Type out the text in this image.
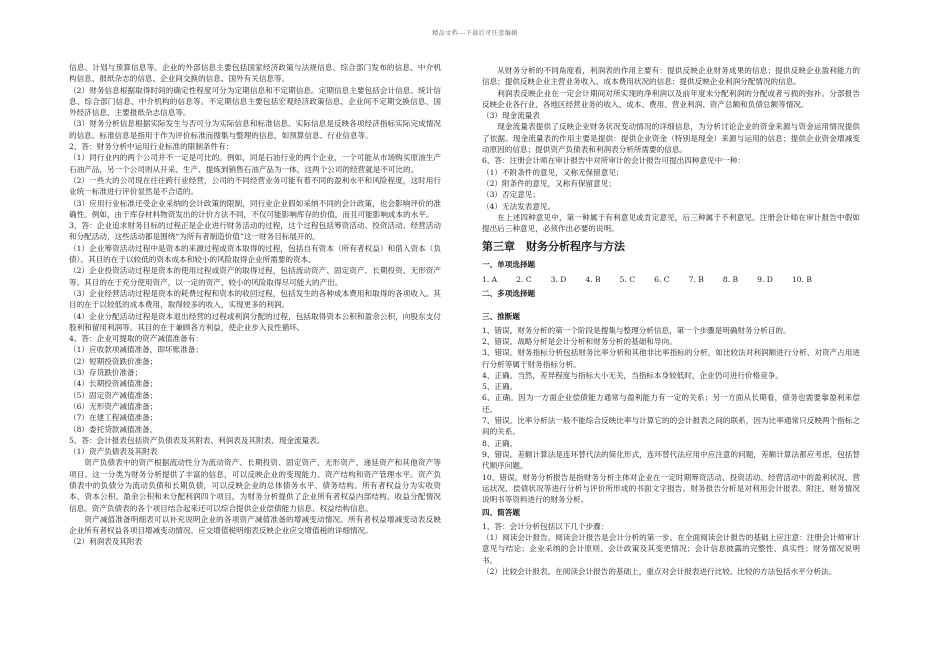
精品文档---下载后可任意编辑

信息、计划与预算信息等。企业的外部信息主要包括国家经济政策与法规信息、综合部门发布的信息、中介机构信息、报纸杂志的信息、企业间交换的信息、国外有关信息等。

（2）财务信息根据取得时间的确定性程度可分为定期信息和不定期信息。定期信息主要包括会计信息、统计信息、综合部门信息、中介机构的信息等。不定期信息主要包括宏观经济政策信息、企业间不定期交换信息、国外经济信息、主要报纸杂志信息等。

（3）财务分析信息根据实际发生与否可分为实际信息和标准信息。实际信息是反映各项经济指标实际完成情况的信息。标准信息是指用于作为评价标准而搜集与整理的信息，如预算信息、行业信息等。

2、答：财务分析中运用行业标准的限制条件有：

（1）同行业内的两个公司并不一定是可比的。例如，同是石油行业的两个企业，一个可能从市场购买原油生产石油产品，另一个公司则从开采、生产、提炼到销售石油产品为一体，这两个公司的经营就是不可比的。

（2）一些大的公司现在往往跨行业经营，公司的不同经营业务可能有着不同的盈利水平和风险程度，这时用行业统一标准进行评价显然是不合适的。

（3）应用行业标准还受企业采纳的会计政策的限制，同行业企业假如采纳不同的会计政策，也会影响评价的准确性。例如，由于库存材料物资发出的计价方法不同，不仅可能影响库存的价值，而且可能影响成本的水平。

3、答：企业追求财务目标的过程正是企业进行财务活动的过程，这个过程包括筹资活动、投资活动、经营活动和分配活动，这些活动都是围绕“为所有者制造价值”这一财务目标展开的。

（1）企业筹资活动过程中是资本的来源过程或资本取得的过程，包括自有资本（所有者权益）和借入资本（负债）。其目的在于以较低的资本成本和较小的风险取得企业所需要的资本。

（2）企业投资活动过程是资本的使用过程或资产的取得过程，包括流动资产、固定资产、长期投资、无形资产等。其目的在于充分使用资产，以一定的资产、较小的风险取得尽可能大的产出。

（3）企业经营活动过程是资本的耗费过程和资本的收回过程，包括发生的各种成本费用和取得的各项收入。其目的在于以较低的成本费用，取得较多的收入，实现更多的利润。

（4）企业分配活动过程是资本退出经营的过程或利润分配的过程，包括取得资本公积和盈余公积，向股东支付股利和留用利润等。其目的在于兼顾各方利益，使企业步入良性循环。

4、答：企业可提取的资产减值准备有：

（1）应收款项减值准备，即坏账准备；

（2）短期投资跌价准备；

（3）存货跌价准备；

（4）长期投资减值准备；

（5）固定资产减值准备；

（6）无形资产减值准备；

（7）在建工程减值准备；

（8）委托贷款减值准备。

5、答：会计报表包括资产负债表及其附表、利润表及其附表、现金流量表。

（1）资产负债表及其附表

资产负债表中的资产根据流动性分为流动资产、长期投资、固定资产、无形资产、递延资产和其他资产等项目。这一分类为财务分析提供了丰富的信息，可以反映企业的变现能力、资产结构和资产管理水平。资产负债表中的负债分为流动负债和长期负债，可以反映企业的总体债务水平、债务结构。所有者权益分为实收资本、资本公积、盈余公积和未分配利润四个项目，为财务分析提供了企业所有者权益内部结构、收益分配情况信息。资产负债表的各个项目结合起来还可以综合提供企业偿债能力信息、权益结构信息。

资产减值准备明细表可以补充说明企业的各项资产减值准备的增减变动情况。所有者权益增减变动表反映企业所有者权益各项目增减变动情况。应交增值税明细表反映企业应交增值税的详细情况。

（2）利润表及其附表

从财务分析的不同角度看，利润表的作用主要有：提供反映企业财务成果的信息；提供反映企业盈利能力的信息；提供反映企业主营业务收入、成本费用状况的信息；提供反映企业利润分配情况的信息。

利润表反映企业在一定会计期间对所实现的净利润以及前年度未分配利润的分配或者亏损的弥补。分部报告反映企业各行业、各地区经营业务的收入、成本、费用、营业利润、资产总额和负债总额等情况。

（3）现金流量表

现金流量表提供了反映企业财务状况变动情况的详细信息，为分析讨论企业的资金来源与资金运用情况提供了依据。现金流量表的作用主要是提供：提供企业资金（特别是现金）来源与运用的信息；提供企业资金增减变动原因的信息；提供资产负债表和利润表分析所需要的信息。

6、答：注册会计师在审计报告中对所审计的会计报告可提出四种意见中一种：

（1）不附条件的意见，又称无保留意见；

（2）附条件的意见，又称有保留意见；

（3）否定意见；

（4）无法发表意见。

在上述四种意见中，第一种属于有利意见或肯定意见，后三种属于不利意见。注册会计师在审计报告中假如提出后三种意见，必须作出必要的说明。

第三章　财务分析程序与方法
一、单项选择题
1. A	2. C	3. D	4. B	5. C	6. C	7. B	8. B	9. D	10. B
二、多项选择题
三、推断题

1、错误。财务分析的第一个阶段是搜集与整理分析信息，第一个步骤是明确财务分析目的。

2、错误。战略分析是会计分析和财务分析的基础和导向。

3、错误。财务指标分析包括财务比率分析和其他非比率指标的分析，如比较法对利润额进行分析、对资产占用进行分析等属于财务指标分析。

4、正确。当然，差异程度与指标大小无关，当指标本身较低时，企业仍可进行价格竞争。

5、正确。

6、正确。因为一方面企业偿债能力通常与盈利能力有一定的关系；另一方面从长期看，债务也需要靠盈利来偿还。

7、错误。比率分析法一般不能综合反映比率与计算它的的会计报表之间的联系，因为比率通常只反映两个指标之间的关系。

8、正确。

9、错误。差额计算法是连环替代法的简化形式，连环替代法应用中应注意的问题，差额计算法都应考虑，包括替代顺序问题。

10、错误。财务分析报告是指财务分析主体对企业在一定时期筹资活动、投资活动、经营活动中的盈利状况、营运状况、偿债状况等进行分析与评价所形成的书面文字报告。财务报告分析是对利用会计报表、附注、财务情况说明书等资料进行的财务分析。

四、简答题

1、答：会计分析包括以下几个步骤：

（1）阅读会计报告。阅读会计报告是会计分析的第一步。在全面阅读会计报告的基础上应注意：注册会计师审计意见与结论；企业采纳的会计原则、会计政策及其变更情况；会计信息披露的完整性、真实性；财务情况说明书。

（2）比较会计报表。在阅读会计报告的基础上，重点对会计报表进行比较。比较的方法包括水平分析法、
